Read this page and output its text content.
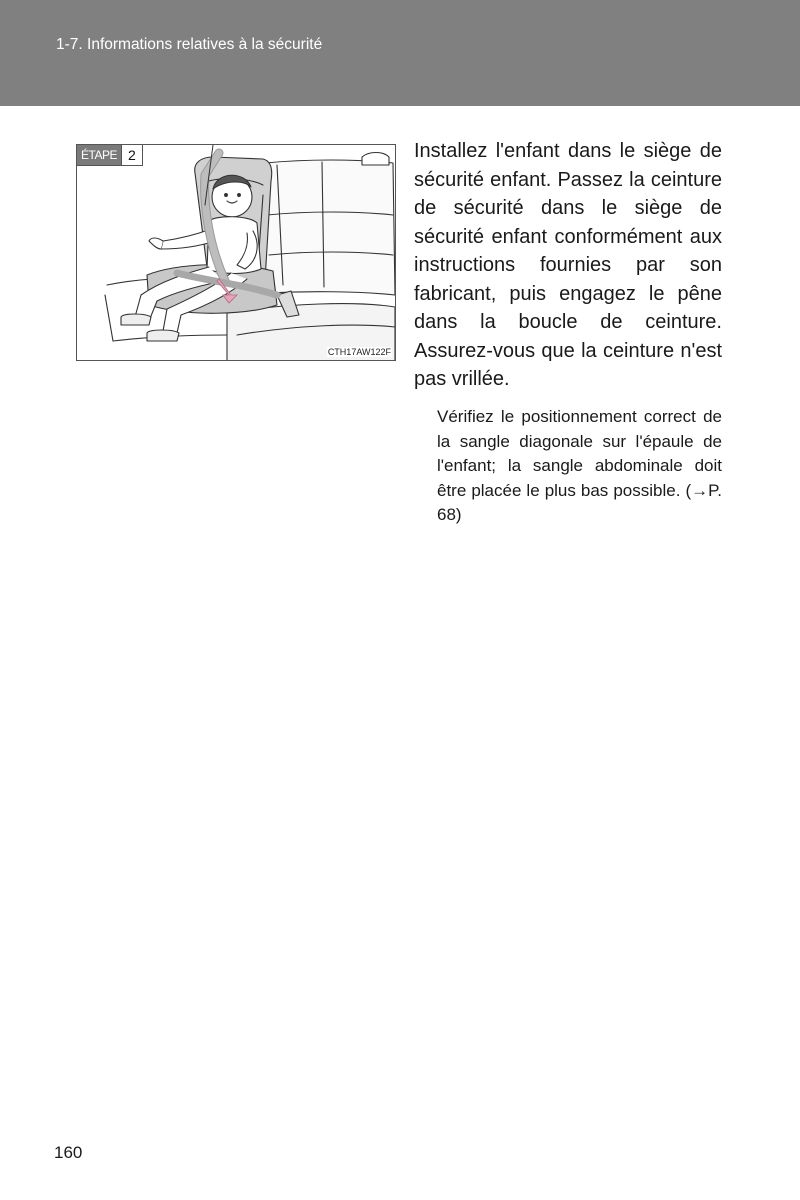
1-7. Informations relatives à la sécurité
ÉTAPE 2
CTH17AW122F

Installez l'enfant dans le siège de sécurité enfant. Passez la ceinture de sécurité dans le siège de sécurité enfant conformément aux instructions fournies par son fabricant, puis engagez le pêne dans la boucle de ceinture. Assurez-vous que la ceinture n'est pas vrillée.

Vérifiez le positionnement correct de la sangle diagonale sur l'épaule de l'enfant; la sangle abdominale doit être placée le plus bas possible. (→P. 68)

160
